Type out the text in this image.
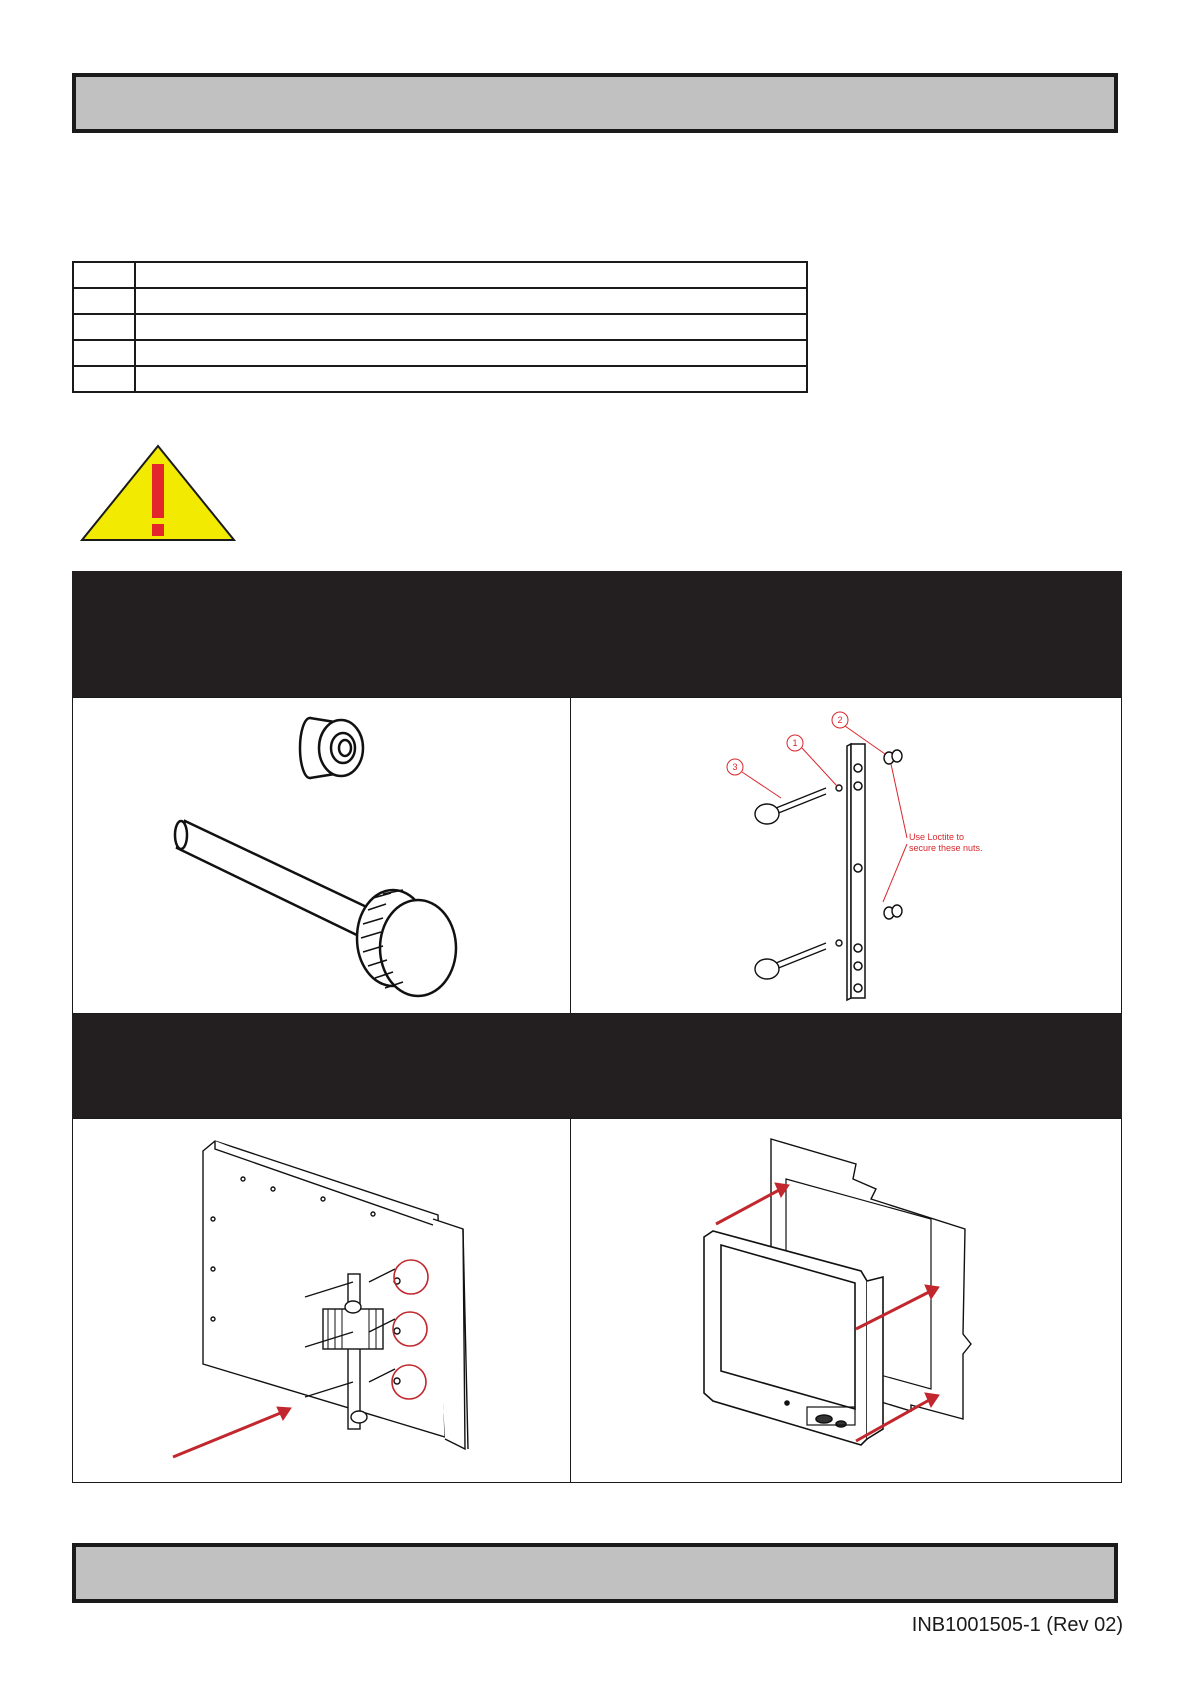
1
2
3
Use Loctite to
secure these nuts.
INB1001505-1 (Rev 02)
